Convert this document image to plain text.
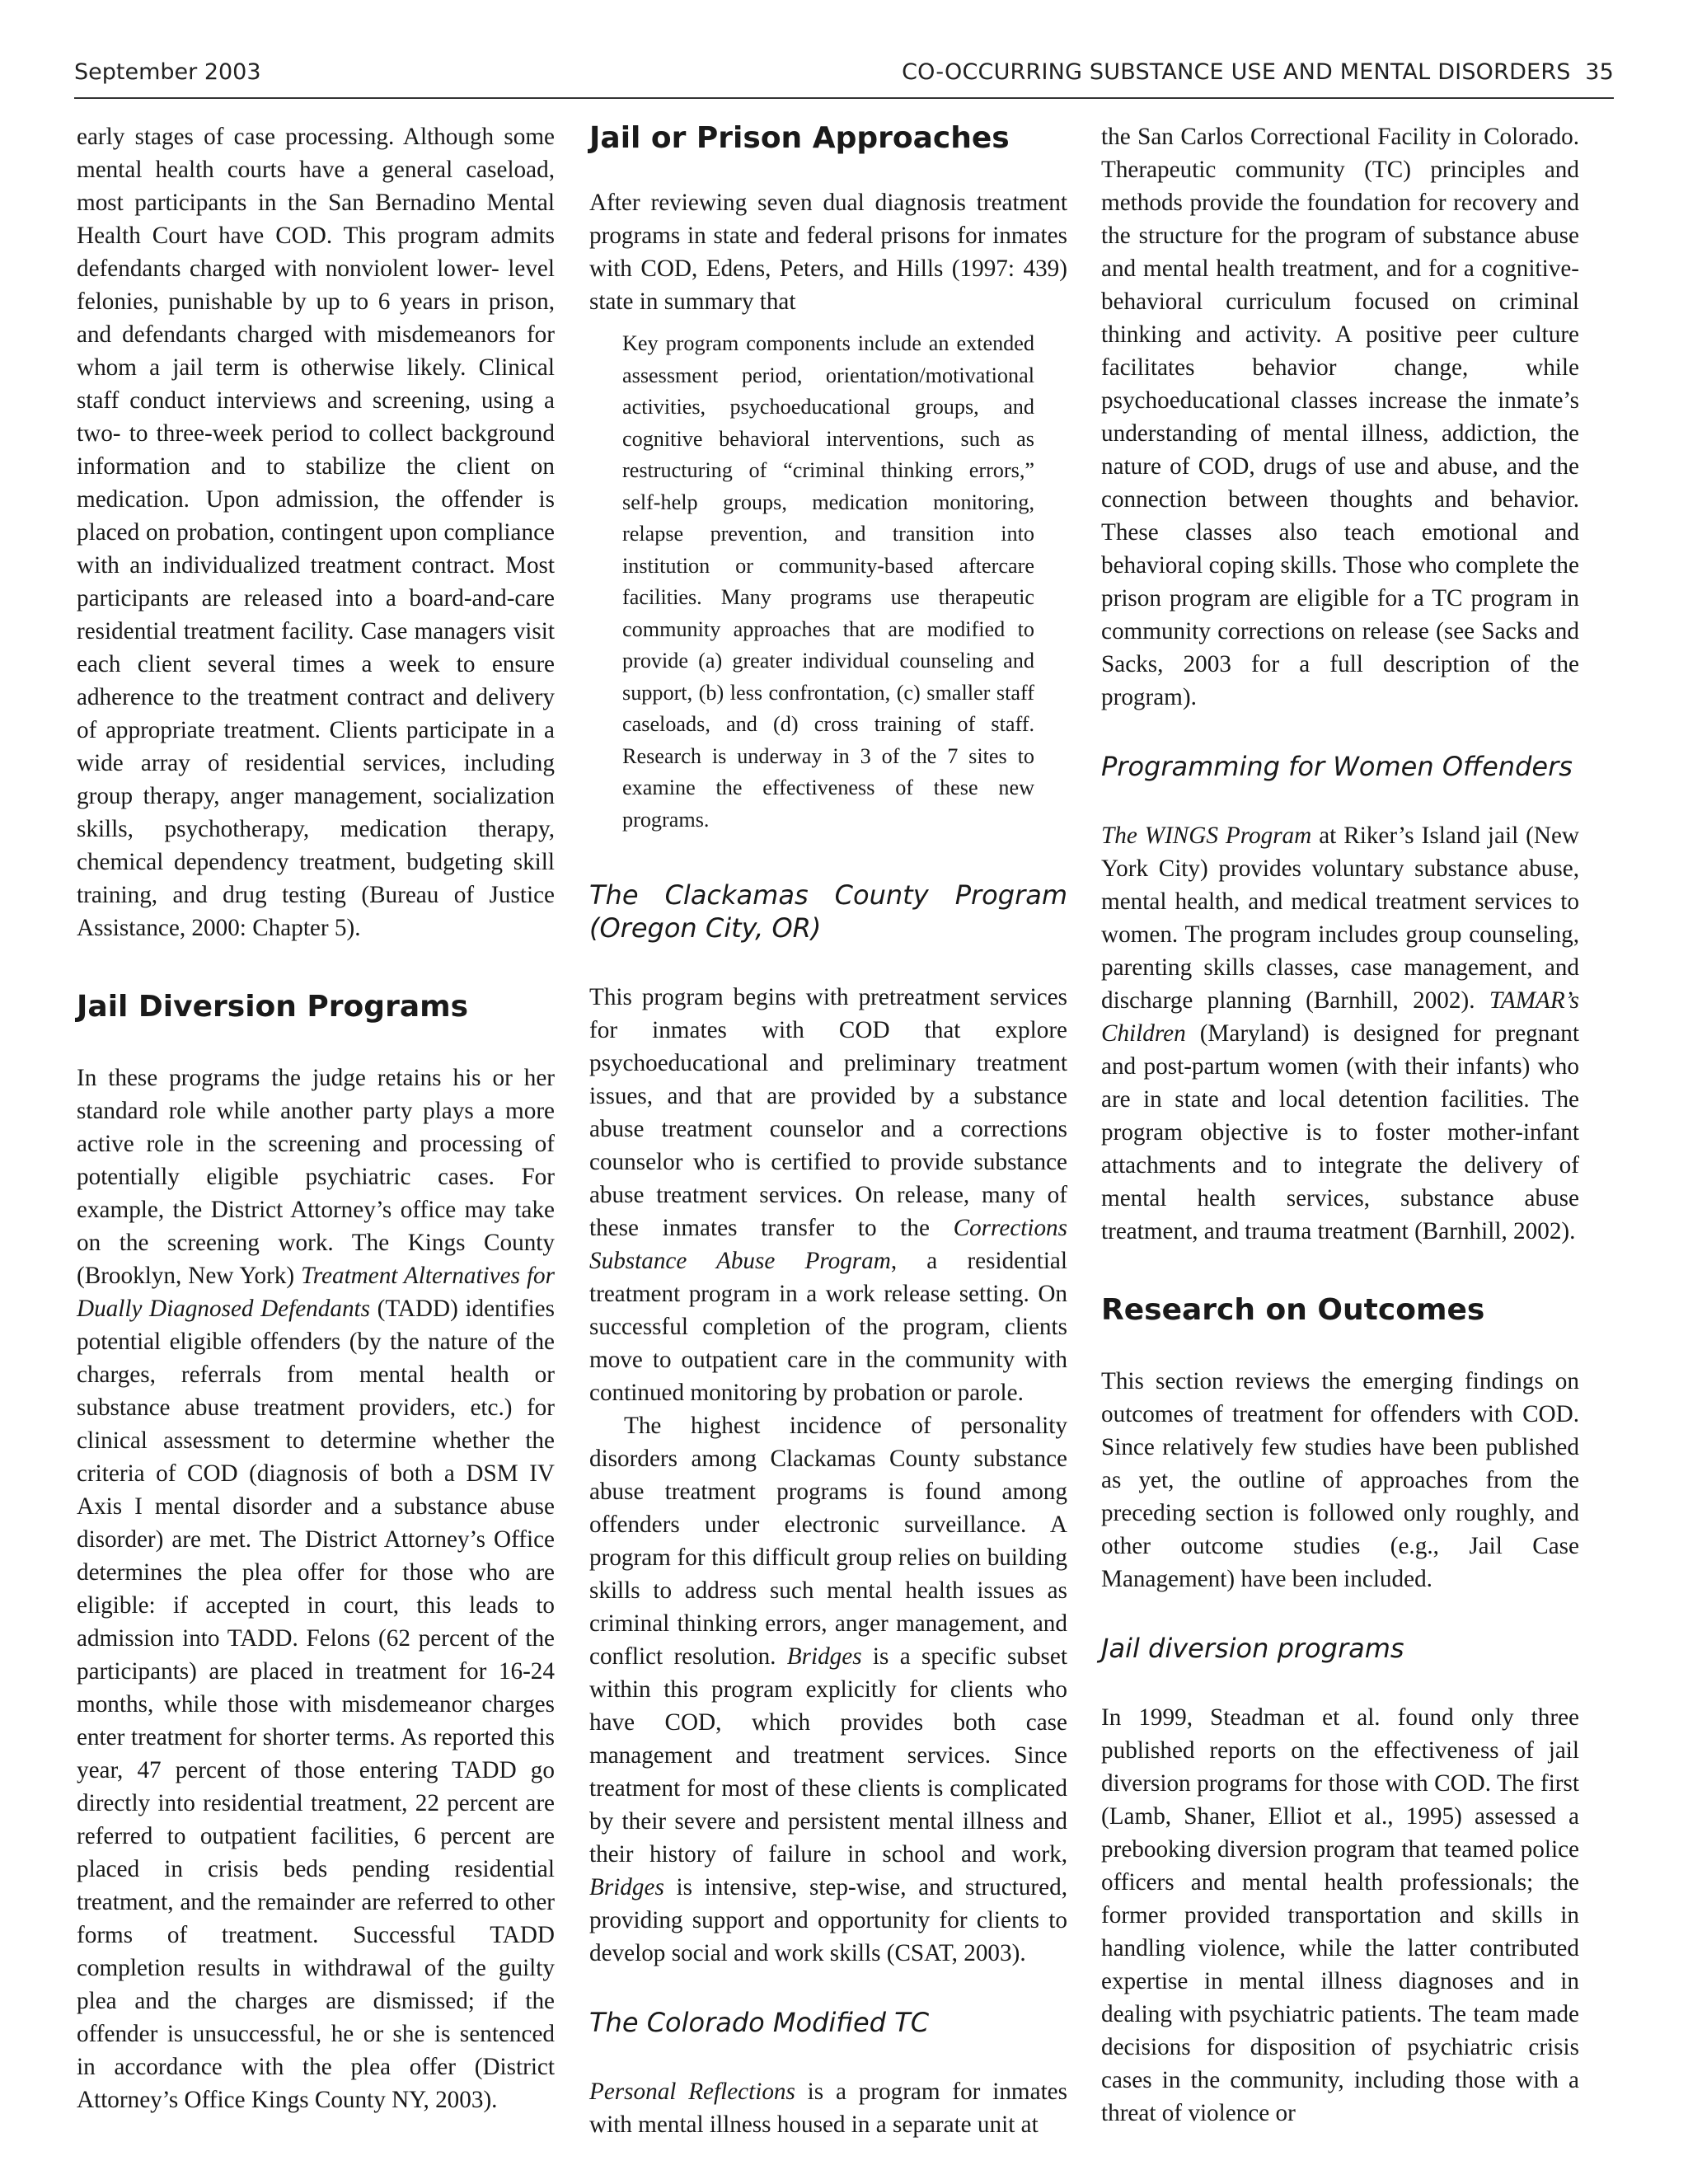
September 2003	CO-OCCURRING SUBSTANCE USE AND MENTAL DISORDERS 35

early stages of case processing. Although some mental health courts have a general caseload, most participants in the San Bernadino Mental Health Court have COD. This program admits defendants charged with nonviolent lower- level felonies, punishable by up to 6 years in prison, and defendants charged with misdemeanors for whom a jail term is otherwise likely. Clinical staff conduct interviews and screening, using a two- to three-week period to collect background information and to stabilize the client on medication. Upon admission, the offender is placed on probation, contingent upon compliance with an individualized treatment contract. Most participants are released into a board-and-care residential treatment facility. Case managers visit each client several times a week to ensure adherence to the treatment contract and delivery of appropriate treatment. Clients participate in a wide array of residential services, including group therapy, anger management, socialization skills, psychotherapy, medication therapy, chemical dependency treatment, budgeting skill training, and drug testing (Bureau of Justice Assistance, 2000: Chapter 5).

Jail Diversion Programs

In these programs the judge retains his or her standard role while another party plays a more active role in the screening and processing of potentially eligible psychiatric cases. For example, the District Attorney’s office may take on the screening work. The Kings County (Brooklyn, New York) Treatment Alternatives for Dually Diagnosed Defendants (TADD) identifies potential eligible offenders (by the nature of the charges, referrals from mental health or substance abuse treatment providers, etc.) for clinical assessment to determine whether the criteria of COD (diagnosis of both a DSM IV Axis I mental disorder and a substance abuse disorder) are met. The District Attorney’s Office determines the plea offer for those who are eligible: if accepted in court, this leads to admission into TADD. Felons (62 percent of the participants) are placed in treatment for 16-24 months, while those with misdemeanor charges enter treatment for shorter terms. As reported this year, 47 percent of those entering TADD go directly into residential treatment, 22 percent are referred to outpatient facilities, 6 percent are placed in crisis beds pending residential treatment, and the remainder are referred to other forms of treatment. Successful TADD completion results in withdrawal of the guilty plea and the charges are dismissed; if the offender is unsuccessful, he or she is sentenced in accordance with the plea offer (District Attorney’s Office Kings County NY, 2003).

Jail or Prison Approaches

After reviewing seven dual diagnosis treatment programs in state and federal prisons for inmates with COD, Edens, Peters, and Hills (1997: 439) state in summary that

Key program components include an extended assessment period, orientation/motivational activities, psychoeducational groups, and cognitive behavioral interventions, such as restructuring of “criminal thinking errors,” self-help groups, medication monitoring, relapse prevention, and transition into institution or community-based aftercare facilities. Many programs use therapeutic community approaches that are modified to provide (a) greater individual counseling and support, (b) less confrontation, (c) smaller staff caseloads, and (d) cross training of staff. Research is underway in 3 of the 7 sites to examine the effectiveness of these new programs.
The Clackamas County Program (Oregon City, OR)

This program begins with pretreatment services for inmates with COD that explore psychoeducational and preliminary treatment issues, and that are provided by a substance abuse treatment counselor and a corrections counselor who is certified to provide substance abuse treatment services. On release, many of these inmates transfer to the Corrections Substance Abuse Program, a residential treatment program in a work release setting. On successful completion of the program, clients move to outpatient care in the community with continued monitoring by probation or parole.

The highest incidence of personality disorders among Clackamas County substance abuse treatment programs is found among offenders under electronic surveillance. A program for this difficult group relies on building skills to address such mental health issues as criminal thinking errors, anger management, and conflict resolution. Bridges is a specific subset within this program explicitly for clients who have COD, which provides both case management and treatment services. Since treatment for most of these clients is complicated by their severe and persistent mental illness and their history of failure in school and work, Bridges is intensive, step-wise, and structured, providing support and opportunity for clients to develop social and work skills (CSAT, 2003).

The Colorado Modified TC

Personal Reflections is a program for inmates with mental illness housed in a separate unit at

the San Carlos Correctional Facility in Colorado. Therapeutic community (TC) principles and methods provide the foundation for recovery and the structure for the program of substance abuse and mental health treatment, and for a cognitive-behavioral curriculum focused on criminal thinking and activity. A positive peer culture facilitates behavior change, while psychoeducational classes increase the inmate’s understanding of mental illness, addiction, the nature of COD, drugs of use and abuse, and the connection between thoughts and behavior. These classes also teach emotional and behavioral coping skills. Those who complete the prison program are eligible for a TC program in community corrections on release (see Sacks and Sacks, 2003 for a full description of the program).

Programming for Women Offenders

The WINGS Program at Riker’s Island jail (New York City) provides voluntary substance abuse, mental health, and medical treatment services to women. The program includes group counseling, parenting skills classes, case management, and discharge planning (Barnhill, 2002). TAMAR’s Children (Maryland) is designed for pregnant and post-partum women (with their infants) who are in state and local detention facilities. The program objective is to foster mother-infant attachments and to integrate the delivery of mental health services, substance abuse treatment, and trauma treatment (Barnhill, 2002).

Research on Outcomes

This section reviews the emerging findings on outcomes of treatment for offenders with COD. Since relatively few studies have been published as yet, the outline of approaches from the preceding section is followed only roughly, and other outcome studies (e.g., Jail Case Management) have been included.

Jail diversion programs

In 1999, Steadman et al. found only three published reports on the effectiveness of jail diversion programs for those with COD. The first (Lamb, Shaner, Elliot et al., 1995) assessed a prebooking diversion program that teamed police officers and mental health professionals; the former provided transportation and skills in handling violence, while the latter contributed expertise in mental illness diagnoses and in dealing with psychiatric patients. The team made decisions for disposition of psychiatric crisis cases in the community, including those with a threat of violence or
